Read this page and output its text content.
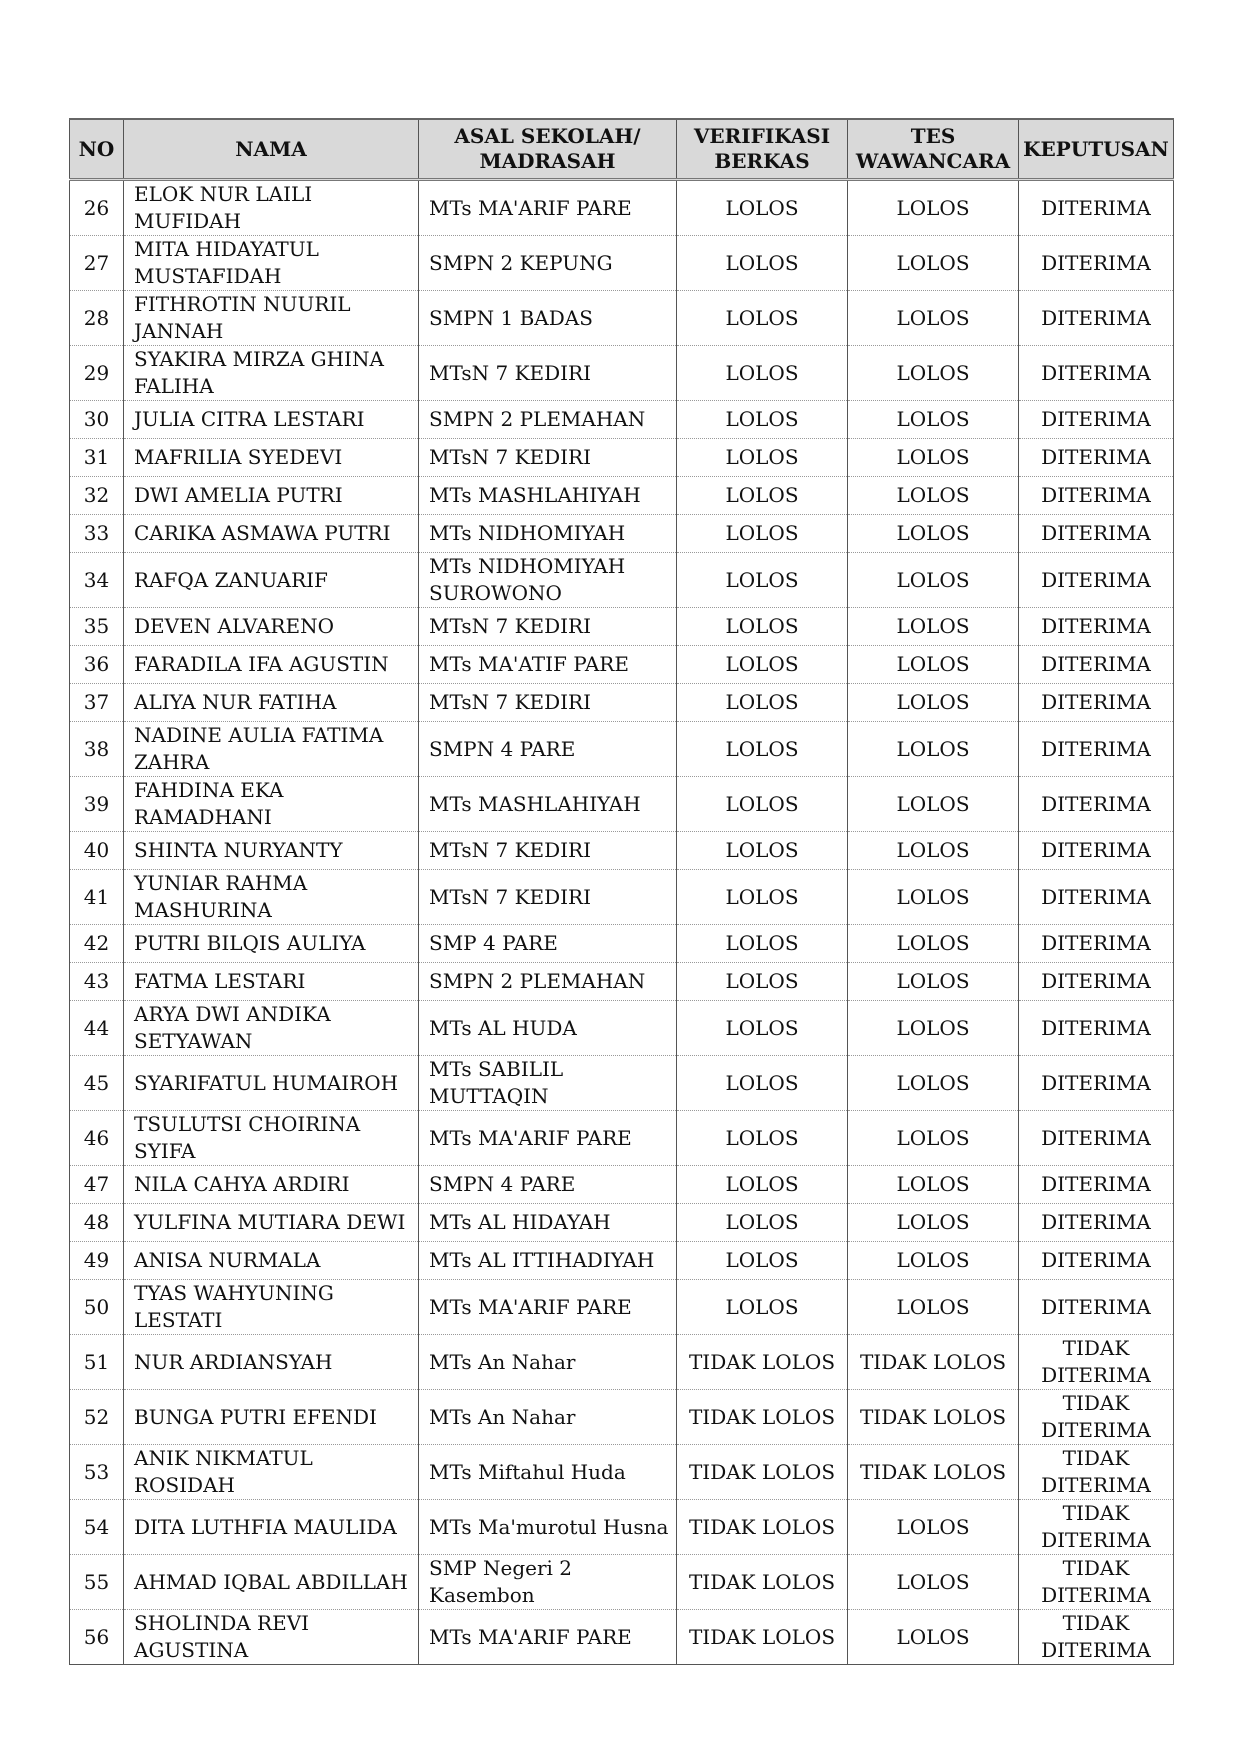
NO	NAMA	ASAL SEKOLAH/ MADRASAH	VERIFIKASI BERKAS	TES WAWANCARA	KEPUTUSAN
26	ELOK NUR LAILI MUFIDAH	MTs MA'ARIF PARE	LOLOS	LOLOS	DITERIMA
27	MITA HIDAYATUL MUSTAFIDAH	SMPN 2 KEPUNG	LOLOS	LOLOS	DITERIMA
28	FITHROTIN NUURIL JANNAH	SMPN 1 BADAS	LOLOS	LOLOS	DITERIMA
29	SYAKIRA MIRZA GHINA FALIHA	MTsN 7 KEDIRI	LOLOS	LOLOS	DITERIMA
30	JULIA CITRA LESTARI	SMPN 2 PLEMAHAN	LOLOS	LOLOS	DITERIMA
31	MAFRILIA SYEDEVI	MTsN 7 KEDIRI	LOLOS	LOLOS	DITERIMA
32	DWI AMELIA PUTRI	MTs MASHLAHIYAH	LOLOS	LOLOS	DITERIMA
33	CARIKA ASMAWA PUTRI	MTs NIDHOMIYAH	LOLOS	LOLOS	DITERIMA
34	RAFQA ZANUARIF	MTs NIDHOMIYAH SUROWONO	LOLOS	LOLOS	DITERIMA
35	DEVEN ALVARENO	MTsN 7 KEDIRI	LOLOS	LOLOS	DITERIMA
36	FARADILA IFA AGUSTIN	MTs MA'ATIF PARE	LOLOS	LOLOS	DITERIMA
37	ALIYA NUR FATIHA	MTsN 7 KEDIRI	LOLOS	LOLOS	DITERIMA
38	NADINE AULIA FATIMA ZAHRA	SMPN 4 PARE	LOLOS	LOLOS	DITERIMA
39	FAHDINA EKA RAMADHANI	MTs MASHLAHIYAH	LOLOS	LOLOS	DITERIMA
40	SHINTA NURYANTY	MTsN 7 KEDIRI	LOLOS	LOLOS	DITERIMA
41	YUNIAR RAHMA MASHURINA	MTsN 7 KEDIRI	LOLOS	LOLOS	DITERIMA
42	PUTRI BILQIS AULIYA	SMP 4 PARE	LOLOS	LOLOS	DITERIMA
43	FATMA LESTARI	SMPN 2 PLEMAHAN	LOLOS	LOLOS	DITERIMA
44	ARYA DWI ANDIKA SETYAWAN	MTs AL HUDA	LOLOS	LOLOS	DITERIMA
45	SYARIFATUL HUMAIROH	MTs SABILIL MUTTAQIN	LOLOS	LOLOS	DITERIMA
46	TSULUTSI CHOIRINA SYIFA	MTs MA'ARIF PARE	LOLOS	LOLOS	DITERIMA
47	NILA CAHYA ARDIRI	SMPN 4 PARE	LOLOS	LOLOS	DITERIMA
48	YULFINA MUTIARA DEWI	MTs AL HIDAYAH	LOLOS	LOLOS	DITERIMA
49	ANISA NURMALA	MTs AL ITTIHADIYAH	LOLOS	LOLOS	DITERIMA
50	TYAS WAHYUNING LESTATI	MTs MA'ARIF PARE	LOLOS	LOLOS	DITERIMA
51	NUR ARDIANSYAH	MTs An Nahar	TIDAK LOLOS	TIDAK LOLOS	TIDAK DITERIMA
52	BUNGA PUTRI EFENDI	MTs An Nahar	TIDAK LOLOS	TIDAK LOLOS	TIDAK DITERIMA
53	ANIK NIKMATUL ROSIDAH	MTs Miftahul Huda	TIDAK LOLOS	TIDAK LOLOS	TIDAK DITERIMA
54	DITA LUTHFIA MAULIDA	MTs Ma'murotul Husna	TIDAK LOLOS	LOLOS	TIDAK DITERIMA
55	AHMAD IQBAL ABDILLAH	SMP Negeri 2 Kasembon	TIDAK LOLOS	LOLOS	TIDAK DITERIMA
56	SHOLINDA REVI AGUSTINA	MTs MA'ARIF PARE	TIDAK LOLOS	LOLOS	TIDAK DITERIMA
